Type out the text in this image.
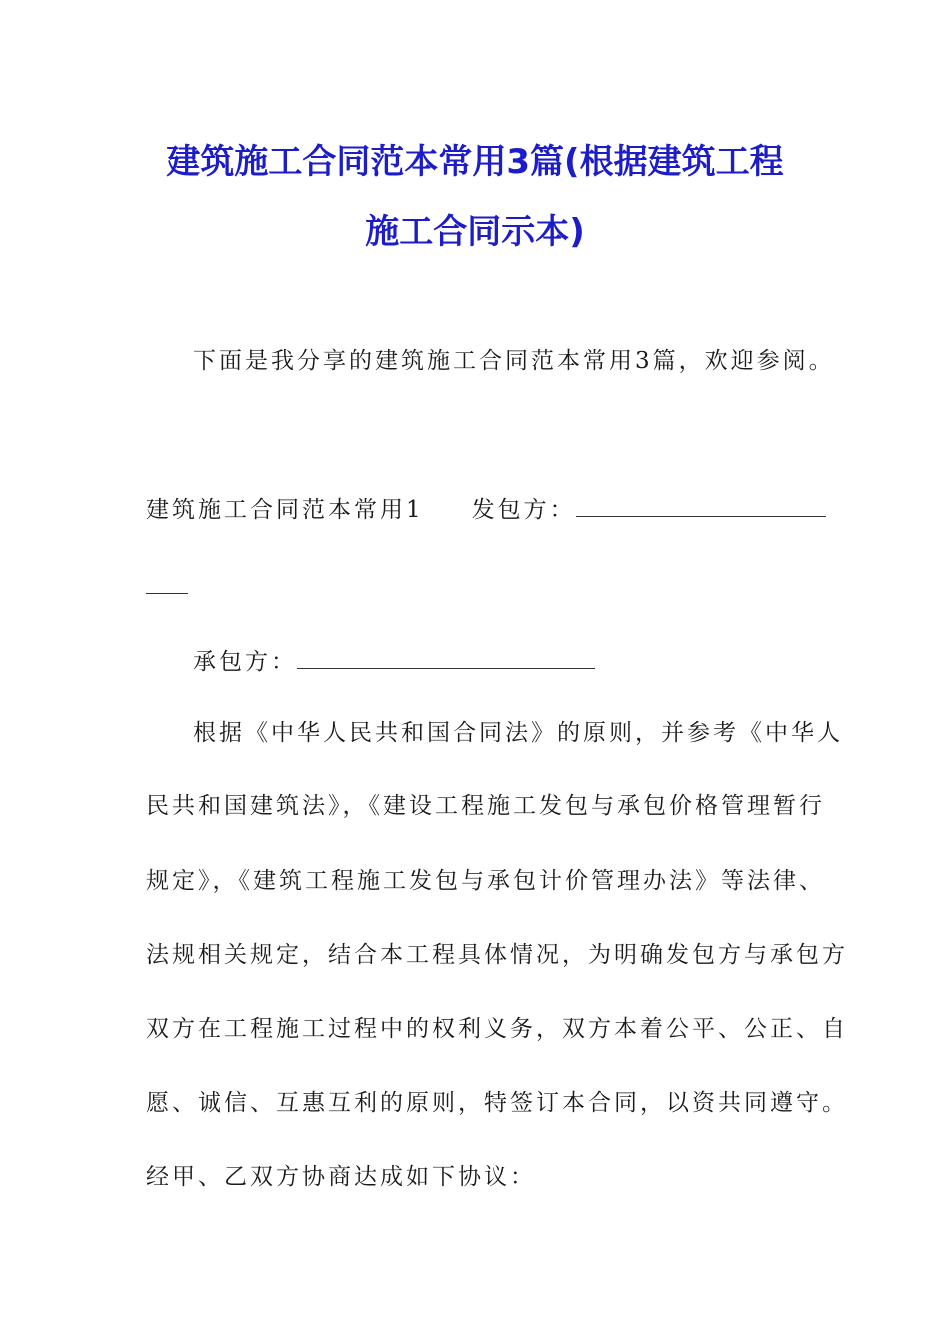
建筑施工合同范本常用3篇(根据建筑工程
施工合同示本)
下面是我分享的建筑施工合同范本常用3篇，欢迎参阅。
建筑施工合同范本常用1 发包方：
承包方：
根据《中华人民共和国合同法》的原则，并参考《中华人
民共和国建筑法》，《建设工程施工发包与承包价格管理暂行
规定》，《建筑工程施工发包与承包计价管理办法》等法律、
法规相关规定，结合本工程具体情况，为明确发包方与承包方
双方在工程施工过程中的权利义务，双方本着公平、公正、自
愿、诚信、互惠互利的原则，特签订本合同，以资共同遵守。
经甲、乙双方协商达成如下协议：
